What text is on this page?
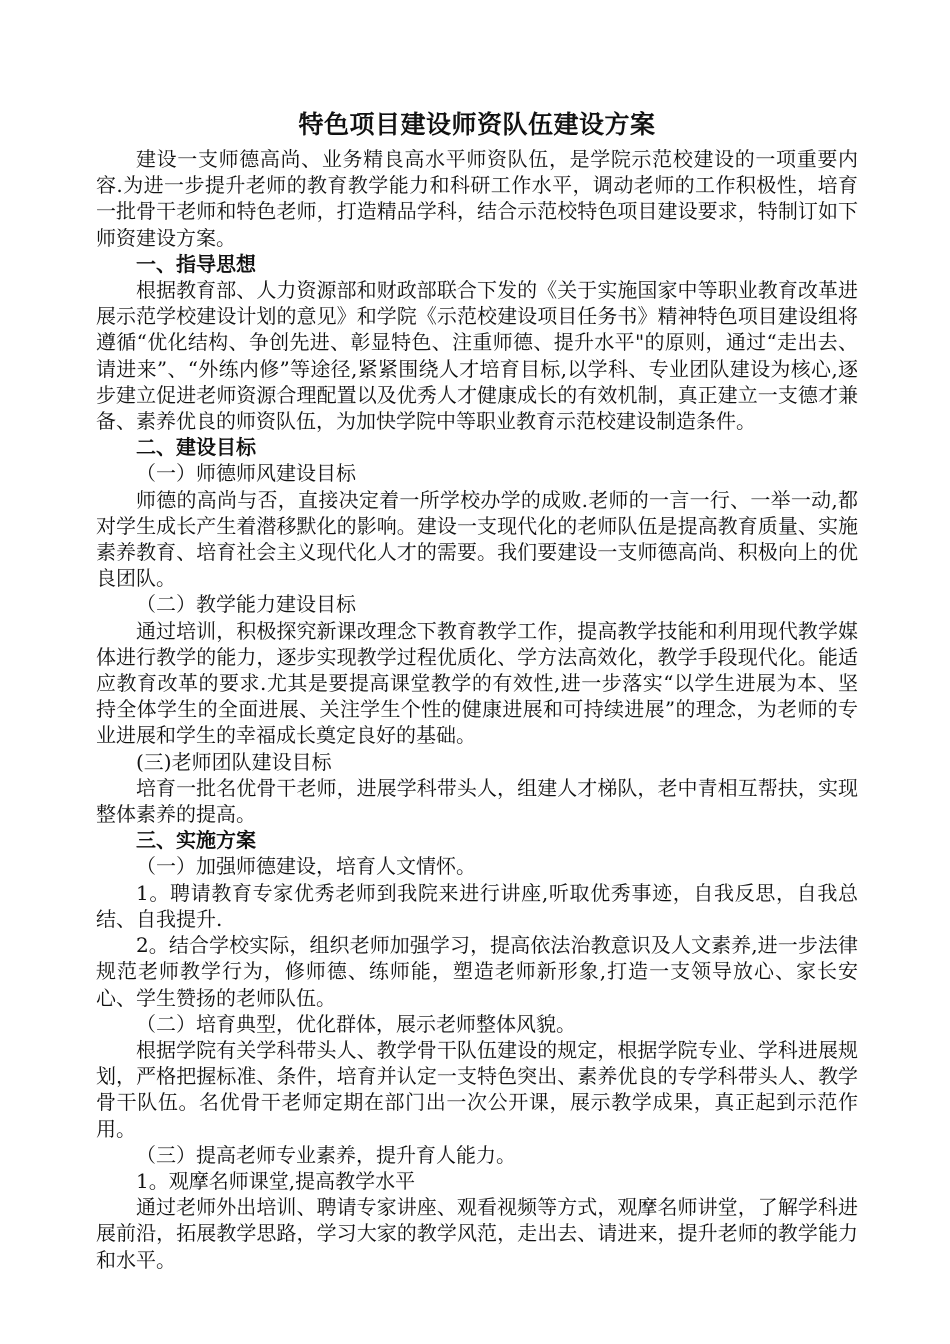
特色项目建设师资队伍建设方案

建设一支师德高尚、业务精良高水平师资队伍，是学院示范校建设的一项重要内容.为进一步提升老师的教育教学能力和科研工作水平，调动老师的工作积极性，培育一批骨干老师和特色老师，打造精品学科，结合示范校特色项目建设要求，特制订如下师资建设方案。

一、指导思想

根据教育部、人力资源部和财政部联合下发的《关于实施国家中等职业教育改革进展示范学校建设计划的意见》和学院《示范校建设项目任务书》精神特色项目建设组将遵循“优化结构、争创先进、彰显特色、注重师德、提升水平"的原则，通过“走出去、请进来”、“外练内修”等途径,紧紧围绕人才培育目标,以学科、专业团队建设为核心,逐步建立促进老师资源合理配置以及优秀人才健康成长的有效机制，真正建立一支德才兼备、素养优良的师资队伍，为加快学院中等职业教育示范校建设制造条件。

二、建设目标

（一）师德师风建设目标

师德的高尚与否，直接决定着一所学校办学的成败.老师的一言一行、一举一动,都对学生成长产生着潜移默化的影响。建设一支现代化的老师队伍是提高教育质量、实施素养教育、培育社会主义现代化人才的需要。我们要建设一支师德高尚、积极向上的优良团队。

（二）教学能力建设目标

通过培训，积极探究新课改理念下教育教学工作，提高教学技能和利用现代教学媒体进行教学的能力，逐步实现教学过程优质化、学方法高效化，教学手段现代化。能适应教育改革的要求.尤其是要提高课堂教学的有效性,进一步落实“以学生进展为本、坚持全体学生的全面进展、关注学生个性的健康进展和可持续进展”的理念，为老师的专业进展和学生的幸福成长奠定良好的基础。

(三)老师团队建设目标

培育一批名优骨干老师，进展学科带头人，组建人才梯队，老中青相互帮扶，实现整体素养的提高。

三、实施方案

（一）加强师德建设，培育人文情怀。

1。聘请教育专家优秀老师到我院来进行讲座,听取优秀事迹，自我反思，自我总结、自我提升.

2。结合学校实际，组织老师加强学习，提高依法治教意识及人文素养,进一步法律规范老师教学行为，修师德、练师能，塑造老师新形象,打造一支领导放心、家长安心、学生赞扬的老师队伍。

（二）培育典型，优化群体，展示老师整体风貌。

根据学院有关学科带头人、教学骨干队伍建设的规定，根据学院专业、学科进展规划，严格把握标准、条件，培育并认定一支特色突出、素养优良的专学科带头人、教学骨干队伍。名优骨干老师定期在部门出一次公开课，展示教学成果，真正起到示范作用。

（三）提高老师专业素养，提升育人能力。

1。观摩名师课堂,提高教学水平

通过老师外出培训、聘请专家讲座、观看视频等方式，观摩名师讲堂，了解学科进展前沿，拓展教学思路，学习大家的教学风范，走出去、请进来，提升老师的教学能力和水平。
